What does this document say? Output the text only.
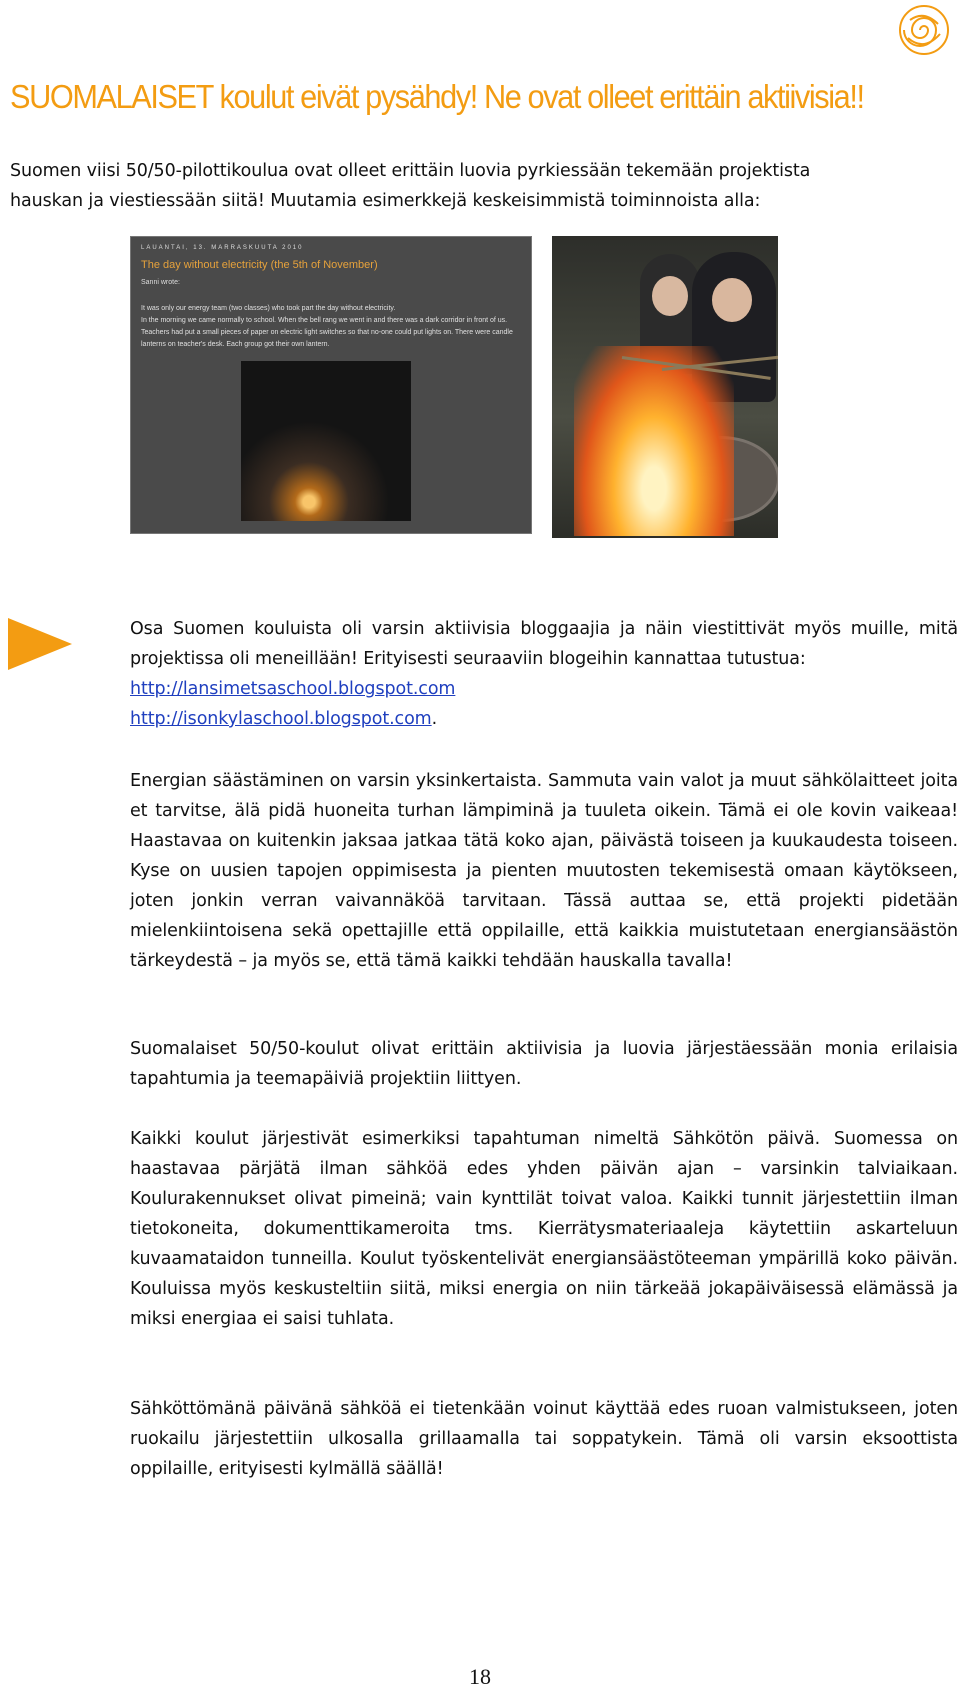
SUOMALAISET koulut eivät pysähdy! Ne ovat olleet erittäin aktiivisia!!
Suomen viisi 50/50-pilottikoulua ovat olleet erittäin luovia pyrkiessään tekemään projektista
hauskan ja viestiessään siitä! Muutamia esimerkkejä keskeisimmistä toiminnoista alla:
LAUANTAI, 13. MARRASKUUTA 2010
The day without electricity (the 5th of November)
Sanni wrote:
It was only our energy team (two classes) who took part the day without electricity.
In the morning we came normally to school. When the bell rang we went in and there was a dark corridor in front of us. Teachers had put a small pieces of paper on electric light switches so that no-one could put lights on. There were candle lanterns on teacher's desk. Each group got their own lantern.
Osa Suomen kouluista oli varsin aktiivisia bloggaajia ja näin viestittivät myös muille, mitä projektissa oli meneillään! Erityisesti seuraaviin blogeihin kannattaa tutustua:
http://lansimetsaschool.blogspot.com
http://isonkylaschool.blogspot.com.
Energian säästäminen on varsin yksinkertaista. Sammuta vain valot ja muut sähkölaitteet joita et tarvitse, älä pidä huoneita turhan lämpiminä ja tuuleta oikein. Tämä ei ole kovin vaikeaa! Haastavaa on kuitenkin jaksaa jatkaa tätä koko ajan, päivästä toiseen ja kuukaudesta toiseen. Kyse on uusien tapojen oppimisesta ja pienten muutosten tekemisestä omaan käytökseen, joten jonkin verran vaivannäköä tarvitaan. Tässä auttaa se, että projekti pidetään mielenkiintoisena sekä opettajille että oppilaille, että kaikkia muistutetaan energiansäästön tärkeydestä – ja myös se, että tämä kaikki tehdään hauskalla tavalla!
Suomalaiset 50/50-koulut olivat erittäin aktiivisia ja luovia järjestäessään monia erilaisia tapahtumia ja teemapäiviä projektiin liittyen.
Kaikki koulut järjestivät esimerkiksi tapahtuman nimeltä Sähkötön päivä. Suomessa on haastavaa pärjätä ilman sähköä edes yhden päivän ajan – varsinkin talviaikaan. Koulurakennukset olivat pimeinä; vain kynttilät toivat valoa. Kaikki tunnit järjestettiin ilman tietokoneita, dokumenttikameroita tms. Kierrätysmateriaaleja käytettiin askarteluun kuvaamataidon tunneilla. Koulut työskentelivät energiansäästöteeman ympärillä koko päivän. Kouluissa myös keskusteltiin siitä, miksi energia on niin tärkeää jokapäiväisessä elämässä ja miksi energiaa ei saisi tuhlata.
Sähköttömänä päivänä sähköä ei tietenkään voinut käyttää edes ruoan valmistukseen, joten ruokailu järjestettiin ulkosalla grillaamalla tai soppatykein. Tämä oli varsin eksoottista oppilaille, erityisesti kylmällä säällä!
18
